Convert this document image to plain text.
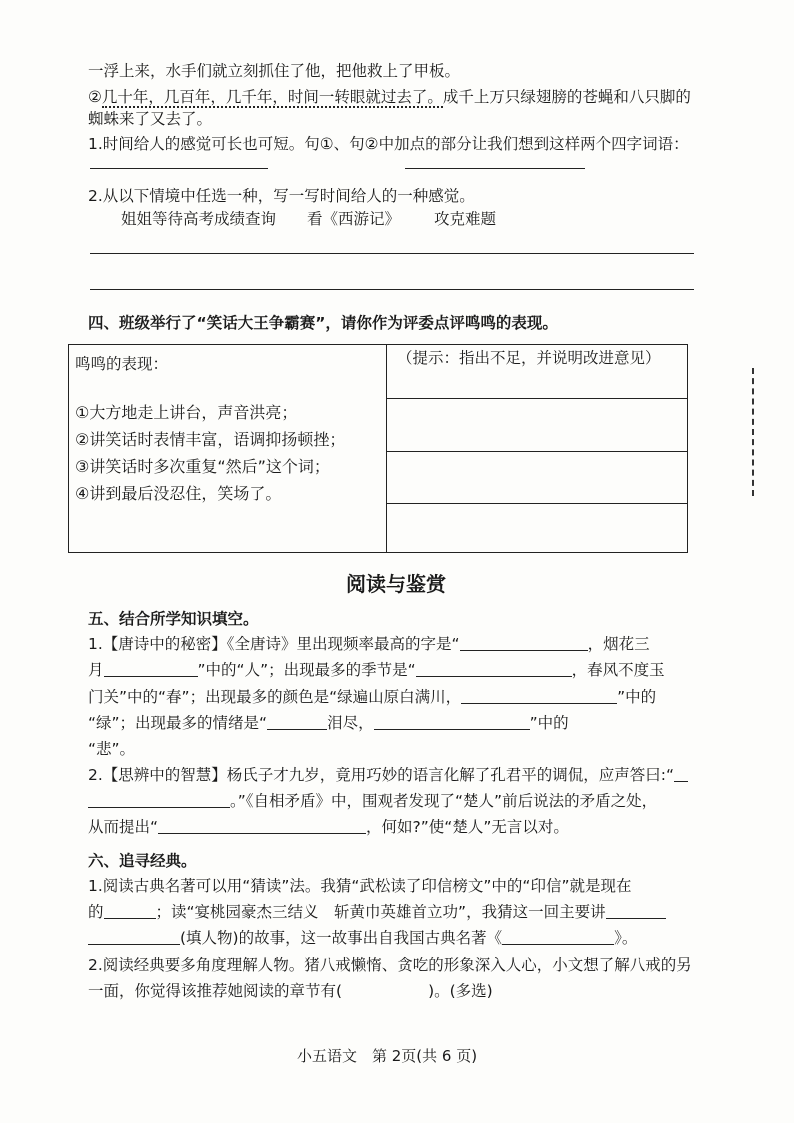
一浮上来，水手们就立刻抓住了他，把他救上了甲板。
②几十年，几百年，几千年，时间一转眼就过去了。成千上万只绿翅膀的苍蝇和八只脚的
蜘蛛来了又去了。
1.时间给人的感觉可长也可短。句①、句②中加点的部分让我们想到这样两个四字词语：
2.从以下情境中任选一种，写一写时间给人的一种感觉。
姐姐等待高考成绩查询 看《西游记》 攻克难题
四、班级举行了“笑话大王争霸赛”，请你作为评委点评鸣鸣的表现。
鸣鸣的表现：
①大方地走上讲台，声音洪亮；
②讲笑话时表情丰富，语调抑扬顿挫；
③讲笑话时多次重复“然后”这个词；
④讲到最后没忍住，笑场了。

（提示：指出不足，并说明改进意见）
阅读与鉴赏
五、结合所学知识填空。
1.【唐诗中的秘密】《全唐诗》里出现频率最高的字是“	，烟花三
月	”中的“人”；出现最多的季节是“	，春风不度玉
门关”中的“春”；出现最多的颜色是“绿遍山原白满川，	”中的
“绿”；出现最多的情绪是“	泪尽，	”中的
“悲”。
2.【思辨中的智慧】杨氏子才九岁，竟用巧妙的语言化解了孔君平的调侃，应声答曰:“
。”《自相矛盾》中，围观者发现了“楚人”前后说法的矛盾之处，
从而提出“	，何如?”使“楚人”无言以对。
六、追寻经典。
1.阅读古典名著可以用“猜读”法。我猜“武松读了印信榜文”中的“印信”就是现在
的	；读“宴桃园豪杰三结义　斩黄巾英雄首立功”，我猜这一回主要讲
(填人物)的故事，这一故事出自我国古典名著《	》。
2.阅读经典要多角度理解人物。猪八戒懒惰、贪吃的形象深入人心，小文想了解八戒的另
一面，你觉得该推荐她阅读的章节有(	)。(多选)
小五语文　第 2页(共 6 页)
